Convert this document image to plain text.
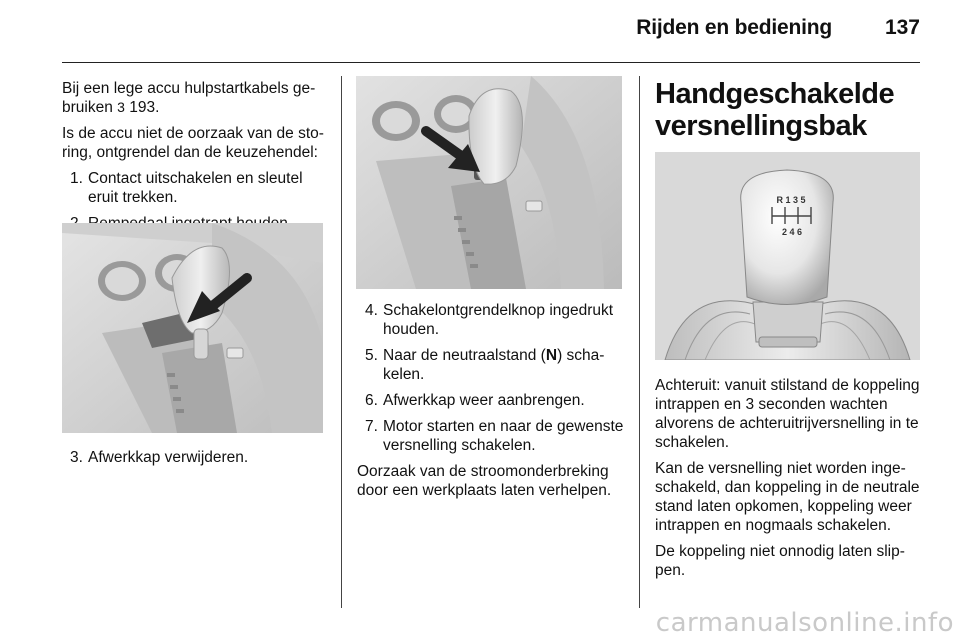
Rijden en bediening	137

Bij een lege accu hulpstartkabels gebruiken 3 193.

Is de accu niet de oorzaak van de storing, ontgrendel dan de keuzehendel:

1. Contact uitschakelen en sleutel eruit trekken.
3. Afwerkkap verwijderen.
4. Schakelontgrendelknop ingedrukt houden.
5. Naar de neutraalstand (N) schakelen.
6. Afwerkkap weer aanbrengen.
7. Motor starten en naar de gewenste versnelling schakelen.

Oorzaak van de stroomonderbreking door een werkplaats laten verhelpen.

Handgeschakelde versnellingsbak
R 1 3 5
2 4 6

Achteruit: vanuit stilstand de koppeling intrappen en 3 seconden wachten alvorens de achteruitrijversnelling in te schakelen.

Kan de versnelling niet worden ingeschakeld, dan koppeling in de neutrale stand laten opkomen, koppeling weer intrappen en nogmaals schakelen.

De koppeling niet onnodig laten slippen.

carmanualsonline.info
